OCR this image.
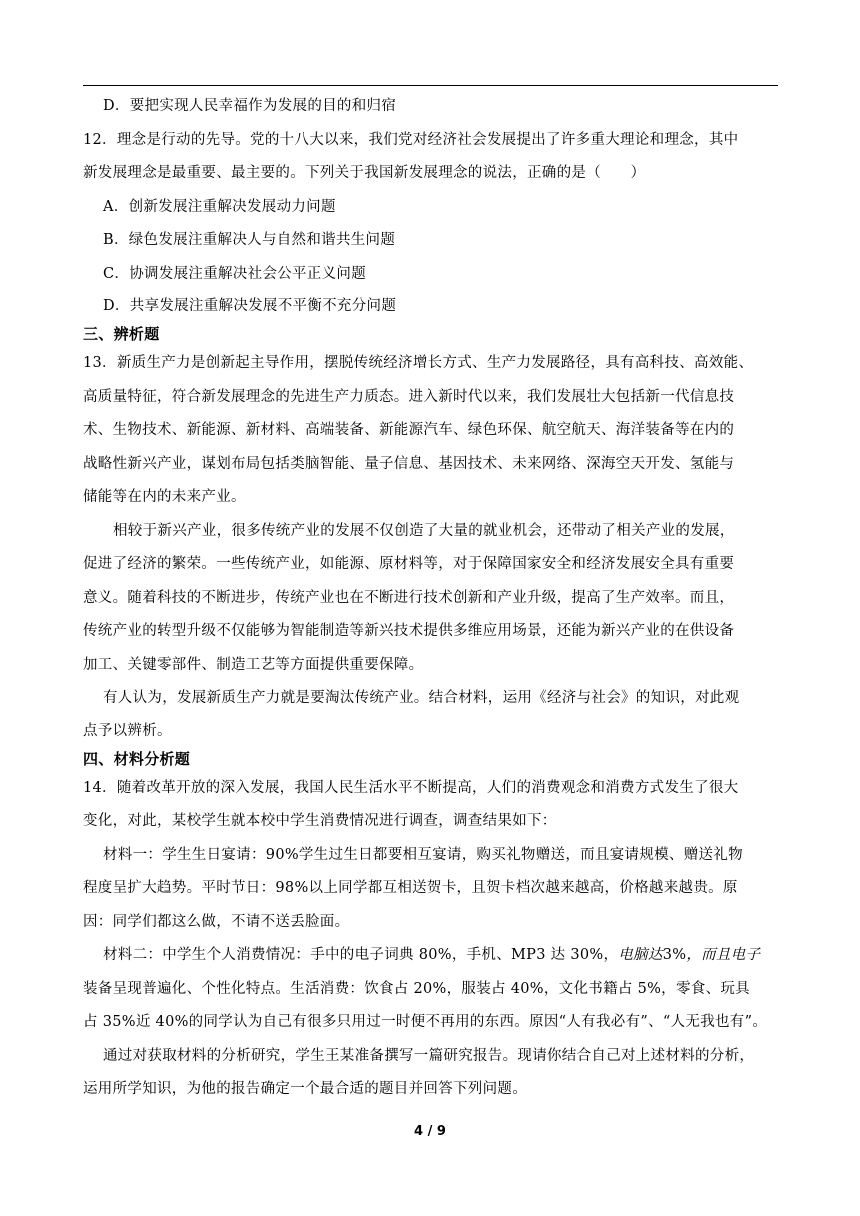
D．要把实现人民幸福作为发展的目的和归宿
12．理念是行动的先导。党的十八大以来，我们党对经济社会发展提出了许多重大理论和理念，其中
新发展理念是最重要、最主要的。下列关于我国新发展理念的说法，正确的是（　　）
A．创新发展注重解决发展动力问题
B．绿色发展注重解决人与自然和谐共生问题
C．协调发展注重解决社会公平正义问题
D．共享发展注重解决发展不平衡不充分问题
三、辨析题
13．新质生产力是创新起主导作用，摆脱传统经济增长方式、生产力发展路径，具有高科技、高效能、
高质量特征，符合新发展理念的先进生产力质态。进入新时代以来，我们发展壮大包括新一代信息技
术、生物技术、新能源、新材料、高端装备、新能源汽车、绿色环保、航空航天、海洋装备等在内的
战略性新兴产业，谋划布局包括类脑智能、量子信息、基因技术、未来网络、深海空天开发、氢能与
储能等在内的未来产业。
相较于新兴产业，很多传统产业的发展不仅创造了大量的就业机会，还带动了相关产业的发展，
促进了经济的繁荣。一些传统产业，如能源、原材料等，对于保障国家安全和经济发展安全具有重要
意义。随着科技的不断进步，传统产业也在不断进行技术创新和产业升级，提高了生产效率。而且，
传统产业的转型升级不仅能够为智能制造等新兴技术提供多维应用场景，还能为新兴产业的在供设备
加工、关键零部件、制造工艺等方面提供重要保障。
有人认为，发展新质生产力就是要淘汰传统产业。结合材料，运用《经济与社会》的知识，对此观
点予以辨析。
四、材料分析题
14．随着改革开放的深入发展，我国人民生活水平不断提高，人们的消费观念和消费方式发生了很大
变化，对此，某校学生就本校中学生消费情况进行调查，调查结果如下：
材料一：学生生日宴请：90%学生过生日都要相互宴请，购买礼物赠送，而且宴请规模、赠送礼物
程度呈扩大趋势。平时节日：98%以上同学都互相送贺卡，且贺卡档次越来越高，价格越来越贵。原
因：同学们都这么做，不请不送丢脸面。
材料二：中学生个人消费情况：手中的电子词典 80%，手机、MP3 达 30%，电脑达3%，而且电子
装备呈现普遍化、个性化特点。生活消费：饮食占 20%，服装占 40%，文化书籍占 5%，零食、玩具
占 35%近 40%的同学认为自己有很多只用过一时便不再用的东西。原因“人有我必有”、“人无我也有”。
通过对获取材料的分析研究，学生王某准备撰写一篇研究报告。现请你结合自己对上述材料的分析，
运用所学知识，为他的报告确定一个最合适的题目并回答下列问题。
4 / 9
